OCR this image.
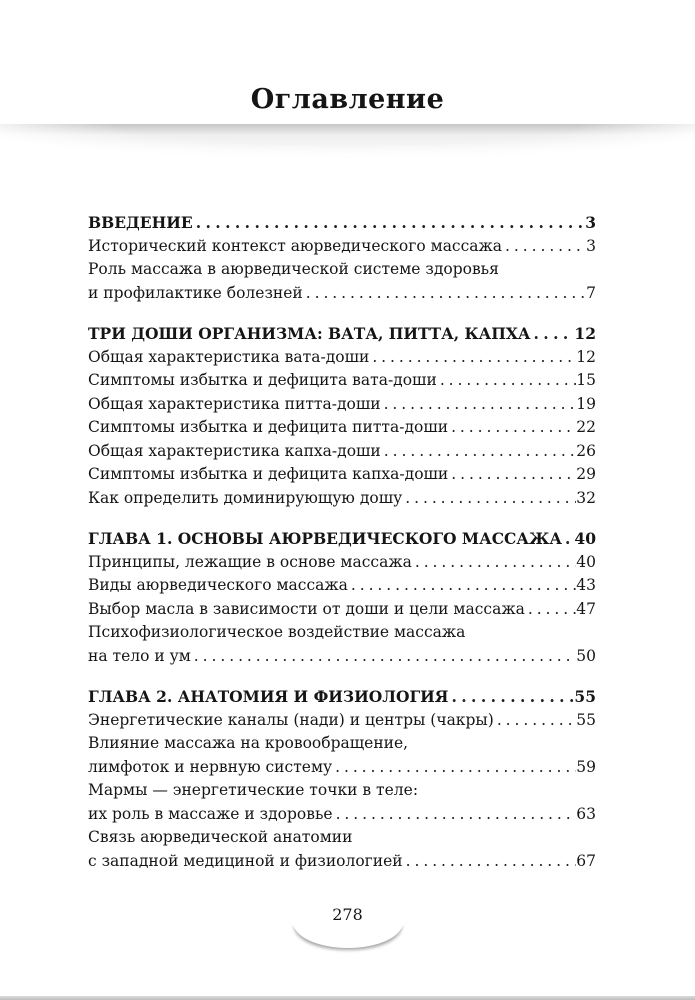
Оглавление
ВВЕДЕНИЕ . . .	3
Исторический контекст аюрведического массажа . . .	3
Роль массажа в аюрведической системе здоровья
и профилактике болезней . . .	7
ТРИ ДОШИ ОРГАНИЗМА: ВАТА, ПИТТА, КАПХА . . .	12
Общая характеристика вата-доши . . .	12
Симптомы избытка и дефицита вата-доши . . .	15
Общая характеристика питта-доши . . .	19
Симптомы избытка и дефицита питта-доши . . .	22
Общая характеристика капха-доши . . .	26
Симптомы избытка и дефицита капха-доши . . .	29
Как определить доминирующую дошу . . .	32
ГЛАВА 1. ОСНОВЫ АЮРВЕДИЧЕСКОГО МАССАЖА . . . 40
Принципы, лежащие в основе массажа . . .	40
Виды аюрведического массажа . . .	43
Выбор масла в зависимости от доши и цели массажа . . .	47
Психофизиологическое воздействие массажа
на тело и ум . . .	50
ГЛАВА 2. АНАТОМИЯ И ФИЗИОЛОГИЯ . . .	55
Энергетические каналы (нади) и центры (чакры) . . .	55
Влияние массажа на кровообращение,
лимфоток и нервную систему . . .	59
Мармы — энергетические точки в теле:
их роль в массаже и здоровье . . .	63
Связь аюрведической анатомии
с западной медициной и физиологией . . .	67
278
